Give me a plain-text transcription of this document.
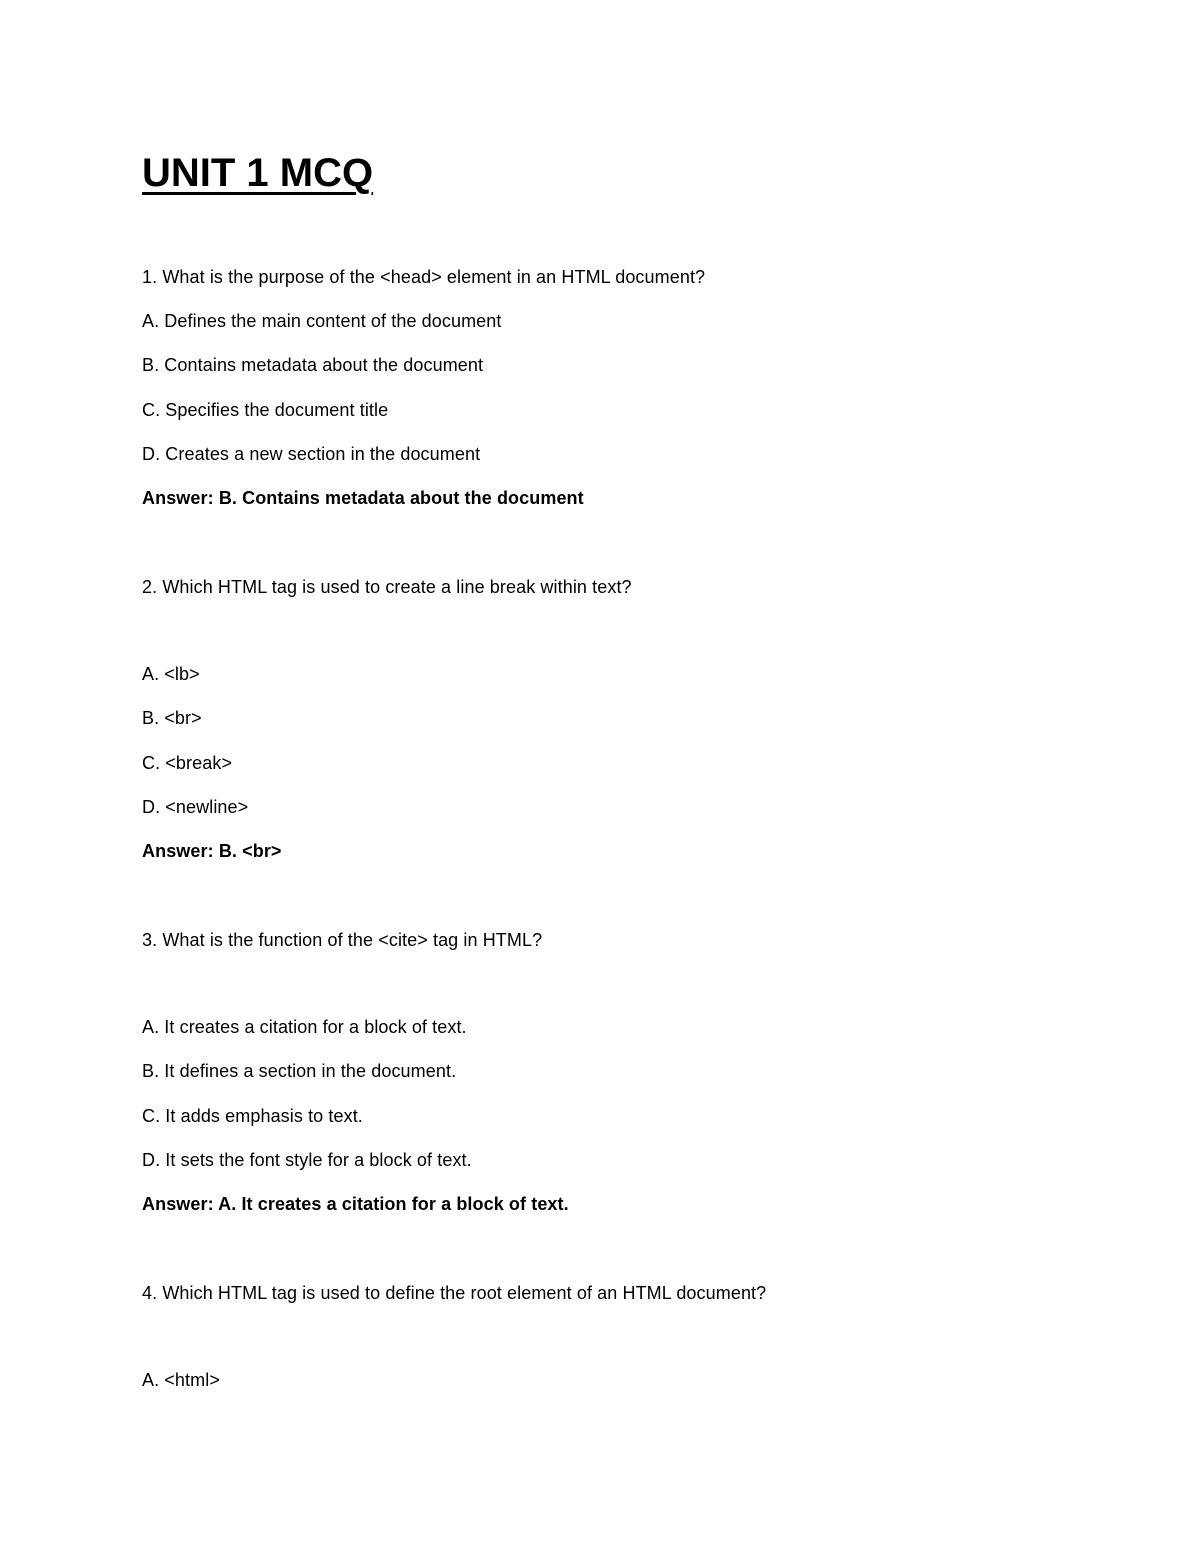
UNIT 1 MCQ

1. What is the purpose of the <head> element in an HTML document?

A. Defines the main content of the document

B. Contains metadata about the document

C. Specifies the document title

D. Creates a new section in the document

Answer: B. Contains metadata about the document

2. Which HTML tag is used to create a line break within text?

A. <lb>

B. <br>

C. <break>

D. <newline>

Answer: B. <br>

3. What is the function of the <cite> tag in HTML?

A. It creates a citation for a block of text.

B. It defines a section in the document.

C. It adds emphasis to text.

D. It sets the font style for a block of text.

Answer: A. It creates a citation for a block of text.

4. Which HTML tag is used to define the root element of an HTML document?

A. <html>
